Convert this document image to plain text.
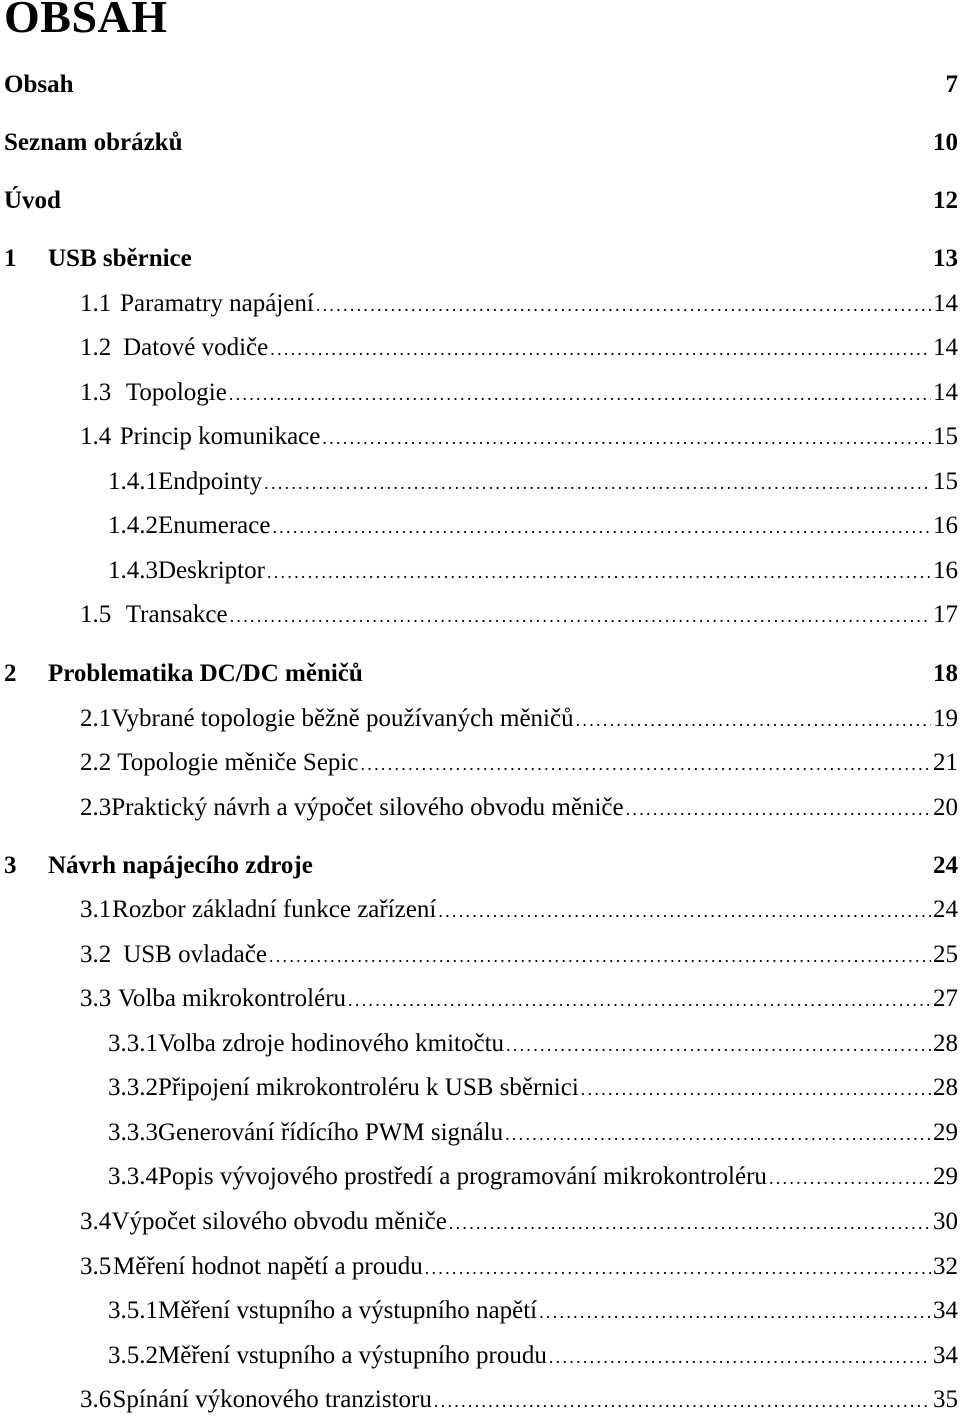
OBSAH
Obsah	7
Seznam obrázků	10
Úvod	12
1	USB sběrnice	13
1.1 Paramatry napájení . . .	14
1.2 Datové vodiče . . .	14
1.3 Topologie . . .	14
1.4 Princip komunikace . . .	15
1.4.1 Endpointy . . .	15
1.4.2 Enumerace . . .	16
1.4.3 Deskriptor . . .	16
1.5 Transakce . . .	17
2	Problematika DC/DC měničů	18
2.1 Vybrané topologie běžně používaných měničů . . .	19
2.2 Topologie měniče Sepic . . .	21
2.3 Praktický návrh a výpočet silového obvodu měniče . . .	20
3	Návrh napájecího zdroje	24
3.1 Rozbor základní funkce zařízení . . .	24
3.2 USB ovladače . . .	25
3.3 Volba mikrokontroléru . . .	27
3.3.1 Volba zdroje hodinového kmitočtu . . .	28
3.3.2 Připojení mikrokontroléru k USB sběrnici . . .	28
3.3.3 Generování řídícího PWM signálu . . .	29
3.3.4 Popis vývojového prostředí a programování mikrokontroléru . . .	29
3.4 Výpočet silového obvodu měniče . . .	30
3.5 Měření hodnot napětí a proudu . . .	32
3.5.1 Měření vstupního a výstupního napětí . . .	34
3.5.2 Měření vstupního a výstupního proudu . . .	34
3.6 Spínání výkonového tranzistoru . . .	35
